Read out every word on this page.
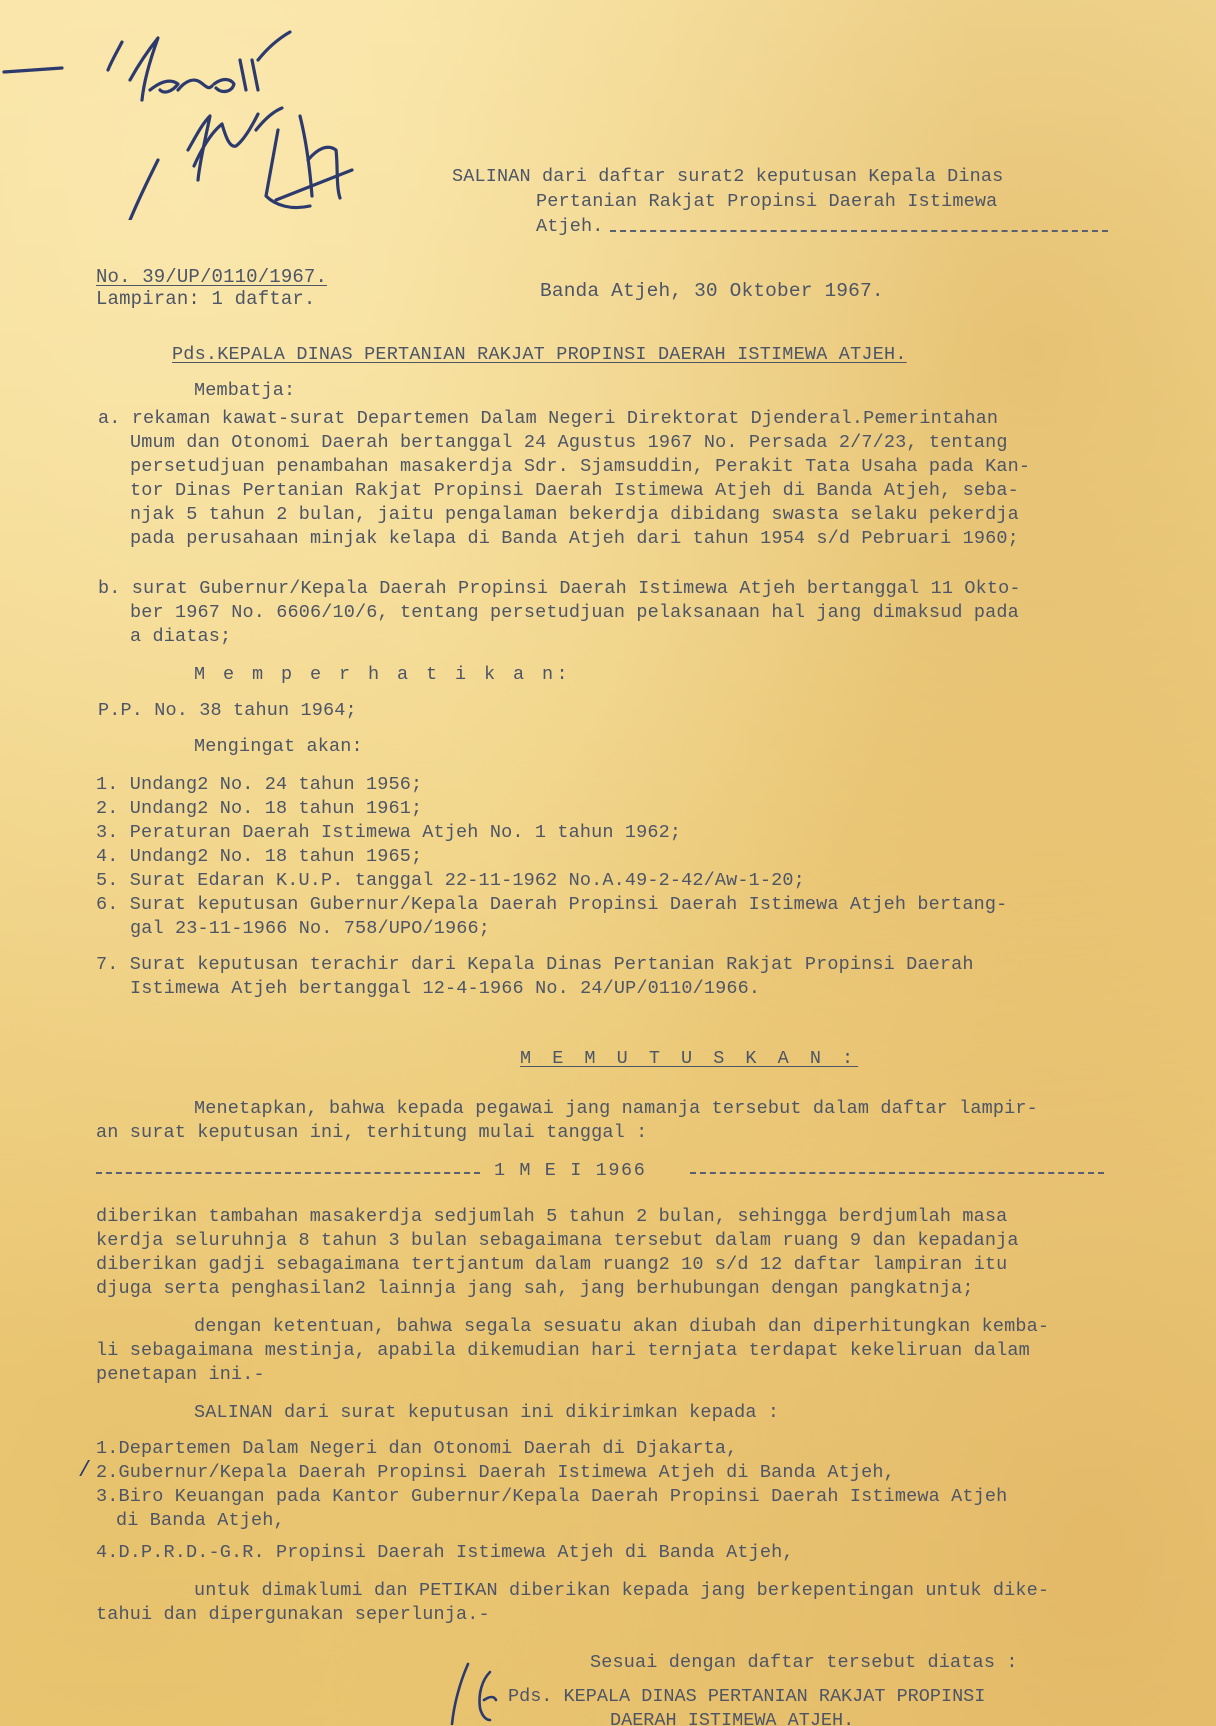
No. 39/UP/0110/1967.
Lampiran: 1 daftar.
SALINAN dari daftar surat2 keputusan Kepala Dinas
Pertanian Rakjat Propinsi Daerah Istimewa
Atjeh.
Banda Atjeh, 30 Oktober 1967.
Pds.KEPALA DINAS PERTANIAN RAKJAT PROPINSI DAERAH ISTIMEWA ATJEH.
Membatja:
a. rekaman kawat-surat Departemen Dalam Negeri Direktorat Djenderal.Pemerintahan
Umum dan Otonomi Daerah bertanggal 24 Agustus 1967 No. Persada 2/7/23, tentang
persetudjuan penambahan masakerdja Sdr. Sjamsuddin, Perakit Tata Usaha pada Kan-
tor Dinas Pertanian Rakjat Propinsi Daerah Istimewa Atjeh di Banda Atjeh, seba-
njak 5 tahun 2 bulan, jaitu pengalaman bekerdja dibidang swasta selaku pekerdja
pada perusahaan minjak kelapa di Banda Atjeh dari tahun 1954 s/d Pebruari 1960;
b. surat Gubernur/Kepala Daerah Propinsi Daerah Istimewa Atjeh bertanggal 11 Okto-
ber 1967 No. 6606/10/6, tentang persetudjuan pelaksanaan hal jang dimaksud pada
a diatas;
M e m p e r h a t i k a n:
P.P. No. 38 tahun 1964;
Mengingat akan:
1. Undang2 No. 24 tahun 1956;
2. Undang2 No. 18 tahun 1961;
3. Peraturan Daerah Istimewa Atjeh No. 1 tahun 1962;
4. Undang2 No. 18 tahun 1965;
5. Surat Edaran K.U.P. tanggal 22-11-1962 No.A.49-2-42/Aw-1-20;
6. Surat keputusan Gubernur/Kepala Daerah Propinsi Daerah Istimewa Atjeh bertang-
gal 23-11-1966 No. 758/UPO/1966;
7. Surat keputusan terachir dari Kepala Dinas Pertanian Rakjat Propinsi Daerah
Istimewa Atjeh bertanggal 12-4-1966 No. 24/UP/0110/1966.
M E M U T U S K A N :
Menetapkan, bahwa kepada pegawai jang namanja tersebut dalam daftar lampir-
an surat keputusan ini, terhitung mulai tanggal :
1 M E I 1966
diberikan tambahan masakerdja sedjumlah 5 tahun 2 bulan, sehingga berdjumlah masa
kerdja seluruhnja 8 tahun 3 bulan sebagaimana tersebut dalam ruang 9 dan kepadanja
diberikan gadji sebagaimana tertjantum dalam ruang2 10 s/d 12 daftar lampiran itu
djuga serta penghasilan2 lainnja jang sah, jang berhubungan dengan pangkatnja;
dengan ketentuan, bahwa segala sesuatu akan diubah dan diperhitungkan kemba-
li sebagaimana mestinja, apabila dikemudian hari ternjata terdapat kekeliruan dalam
penetapan ini.-
SALINAN dari surat keputusan ini dikirimkan kepada :
1.Departemen Dalam Negeri dan Otonomi Daerah di Djakarta,
/ 2.Gubernur/Kepala Daerah Propinsi Daerah Istimewa Atjeh di Banda Atjeh,
3.Biro Keuangan pada Kantor Gubernur/Kepala Daerah Propinsi Daerah Istimewa Atjeh
di Banda Atjeh,
4.D.P.R.D.-G.R. Propinsi Daerah Istimewa Atjeh di Banda Atjeh,
untuk dimaklumi dan PETIKAN diberikan kepada jang berkepentingan untuk dike-
tahui dan dipergunakan seperlunja.-
Sesuai dengan daftar tersebut diatas :
Pds. KEPALA DINAS PERTANIAN RAKJAT PROPINSI
DAERAH ISTIMEWA ATJEH.
